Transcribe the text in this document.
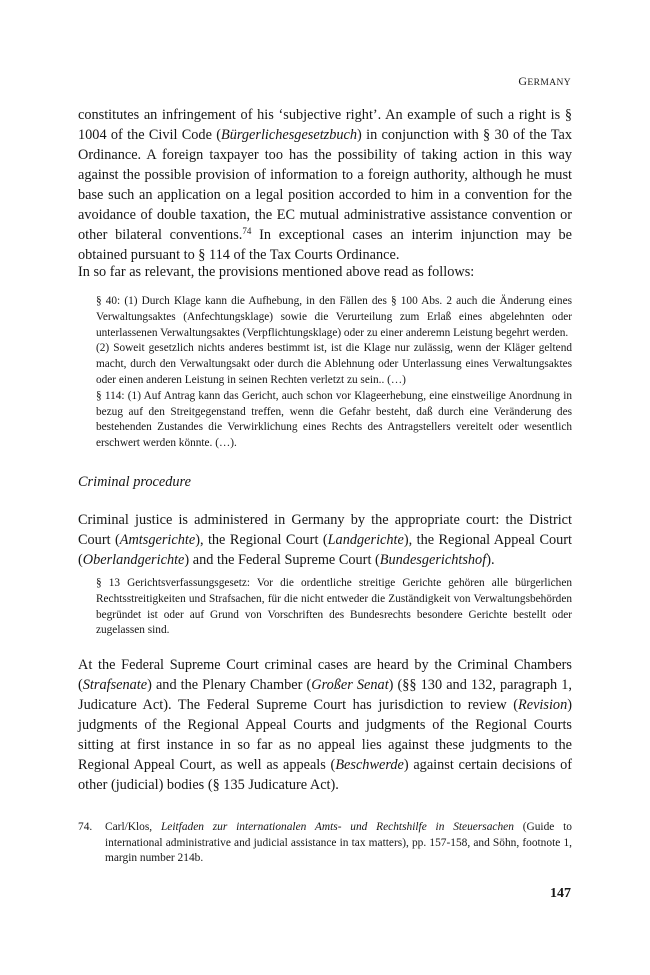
GERMANY

constitutes an infringement of his ‘subjective right’. An example of such a right is § 1004 of the Civil Code (Bürgerlichesgesetzbuch) in conjunction with § 30 of the Tax Ordinance. A foreign taxpayer too has the possibility of taking action in this way against the possible provision of information to a foreign authority, although he must base such an application on a legal position accorded to him in a convention for the avoidance of double taxation, the EC mutual administrative assistance convention or other bilateral conventions.$^{74}$ In exceptional cases an interim injunction may be obtained pursuant to § 114 of the Tax Courts Ordinance.

In so far as relevant, the provisions mentioned above read as follows:

§ 40: (1) Durch Klage kann die Aufhebung, in den Fällen des § 100 Abs. 2 auch die Änderung eines Verwaltungsaktes (Anfechtungsklage) sowie die Verurteilung zum Erlaß eines abgelehnten oder unterlassenen Verwaltungsaktes (Verpflichtungsklage) oder zu einer anderemn Leistung begehrt werden.

(2) Soweit gesetzlich nichts anderes bestimmt ist, ist die Klage nur zulässig, wenn der Kläger geltend macht, durch den Verwaltungsakt oder durch die Ablehnung oder Unterlassung eines Verwaltungsaktes oder einen anderen Leistung in seinen Rechten verletzt zu sein.. (…)

§ 114: (1) Auf Antrag kann das Gericht, auch schon vor Klageerhebung, eine einstweilige Anordnung in bezug auf den Streitgegenstand treffen, wenn die Gefahr besteht, daß durch eine Veränderung des bestehenden Zustandes die Verwirklichung eines Rechts des Antragstellers vereitelt oder wesentlich erschwert werden könnte. (…).

Criminal procedure

Criminal justice is administered in Germany by the appropriate court: the District Court (Amtsgerichte), the Regional Court (Landgerichte), the Regional Appeal Court (Oberlandgerichte) and the Federal Supreme Court (Bundesgerichtshof).

§ 13 Gerichtsverfassungsgesetz: Vor die ordentliche streitige Gerichte gehören alle bürgerlichen Rechtsstreitigkeiten und Strafsachen, für die nicht entweder die Zuständigkeit von Verwaltungsbehörden begründet ist oder auf Grund von Vorschriften des Bundesrechts besondere Gerichte bestellt oder zugelassen sind.

At the Federal Supreme Court criminal cases are heard by the Criminal Chambers (Strafsenate) and the Plenary Chamber (Großer Senat) (§§ 130 and 132, paragraph 1, Judicature Act). The Federal Supreme Court has jurisdiction to review (Revision) judgments of the Regional Appeal Courts and judgments of the Regional Courts sitting at first instance in so far as no appeal lies against these judgments to the Regional Appeal Court, as well as appeals (Beschwerde) against certain decisions of other (judicial) bodies (§ 135 Judicature Act).

74. Carl/Klos, Leitfaden zur internationalen Amts- und Rechtshilfe in Steuersachen (Guide to international administrative and judicial assistance in tax matters), pp. 157-158, and Söhn, footnote 1, margin number 214b.
147
